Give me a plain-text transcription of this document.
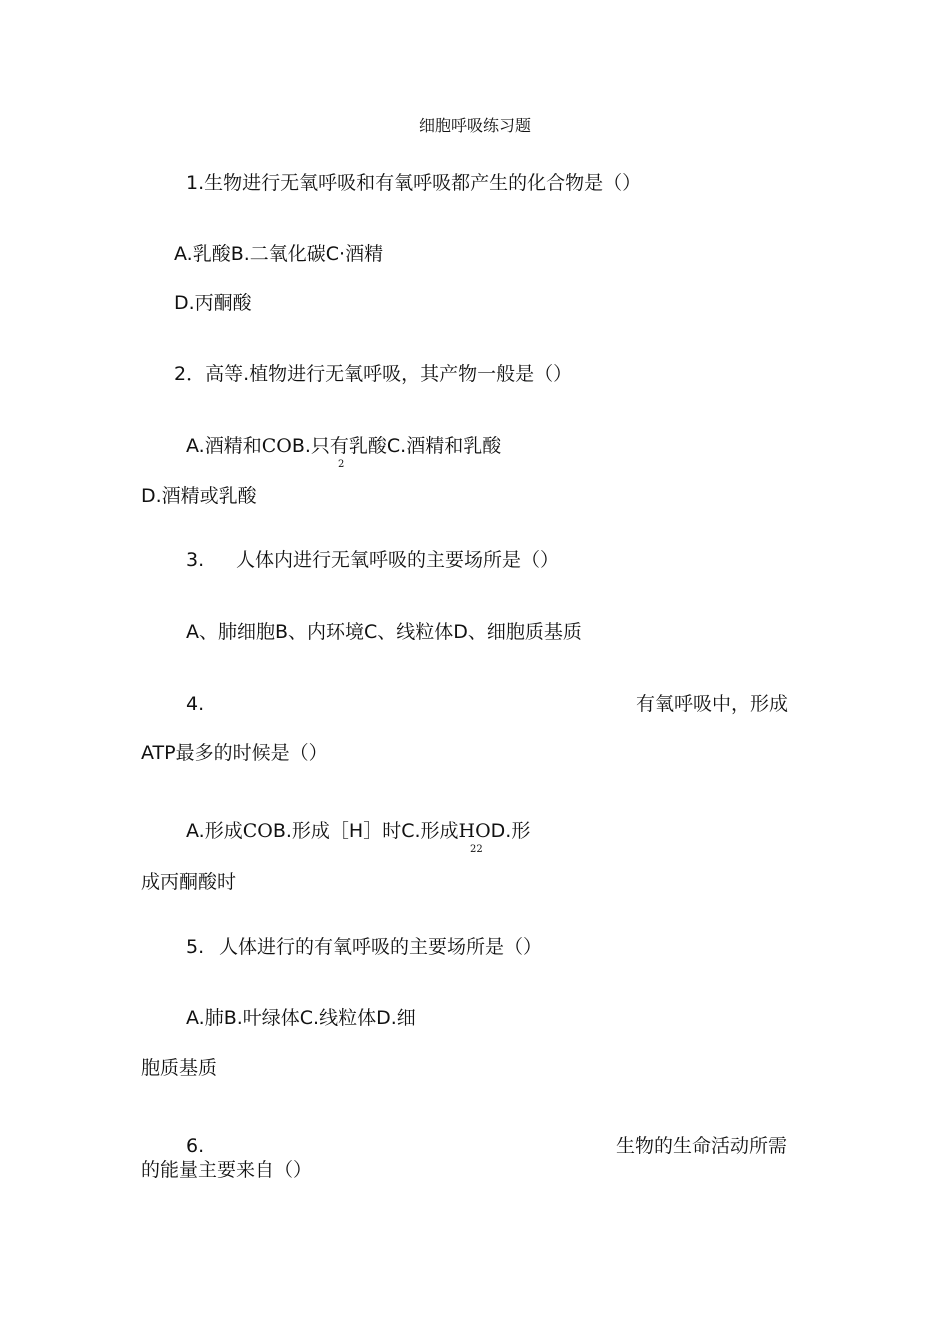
细胞呼吸练习题
1.生物进行无氧呼吸和有氧呼吸都产生的化合物是（）
A.乳酸B.二氧化碳C·酒精
D.丙酮酸
2．高等.植物进行无氧呼吸，其产物一般是（）
A.酒精和COB.只有乳酸C.酒精和乳酸
2
D.酒精或乳酸
3. 人体内进行无氧呼吸的主要场所是（）
A、肺细胞B、内环境C、线粒体D、细胞质基质
4.	有氧呼吸中，形成
ATP最多的时候是（）
A.形成COB.形成［H］时C.形成HOD.形
22
成丙酮酸时
5. 人体进行的有氧呼吸的主要场所是（）
A.肺B.叶绿体C.线粒体D.细
胞质基质
6.	生物的生命活动所需
的能量主要来自（）
